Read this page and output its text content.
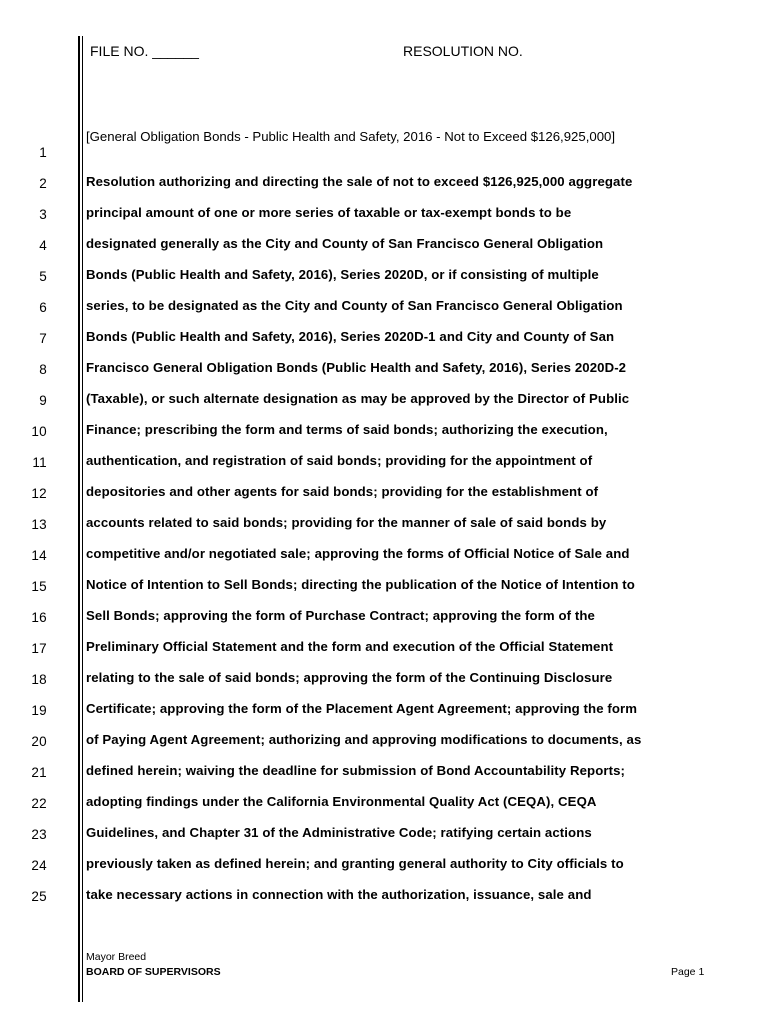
FILE NO. ______	RESOLUTION NO.
[General Obligation Bonds - Public Health and Safety, 2016 - Not to Exceed $126,925,000]
1
2
3
4
5
6
7
8
9
10
11
12
13
14
15
16
17
18
19
20
21
22
23
24
25
Resolution authorizing and directing the sale of not to exceed $126,925,000 aggregate
principal amount of one or more series of taxable or tax-exempt bonds to be
designated generally as the City and County of San Francisco General Obligation
Bonds (Public Health and Safety, 2016), Series 2020D, or if consisting of multiple
series, to be designated as the City and County of San Francisco General Obligation
Bonds (Public Health and Safety, 2016), Series 2020D-1 and City and County of San
Francisco General Obligation Bonds (Public Health and Safety, 2016), Series 2020D-2
(Taxable), or such alternate designation as may be approved by the Director of Public
Finance; prescribing the form and terms of said bonds; authorizing the execution,
authentication, and registration of said bonds; providing for the appointment of
depositories and other agents for said bonds; providing for the establishment of
accounts related to said bonds; providing for the manner of sale of said bonds by
competitive and/or negotiated sale; approving the forms of Official Notice of Sale and
Notice of Intention to Sell Bonds; directing the publication of the Notice of Intention to
Sell Bonds; approving the form of Purchase Contract; approving the form of the
Preliminary Official Statement and the form and execution of the Official Statement
relating to the sale of said bonds; approving the form of the Continuing Disclosure
Certificate; approving the form of the Placement Agent Agreement; approving the form
of Paying Agent Agreement; authorizing and approving modifications to documents, as
defined herein; waiving the deadline for submission of Bond Accountability Reports;
adopting findings under the California Environmental Quality Act (CEQA), CEQA
Guidelines, and Chapter 31 of the Administrative Code; ratifying certain actions
previously taken as defined herein; and granting general authority to City officials to
take necessary actions in connection with the authorization, issuance, sale and
Mayor Breed
BOARD OF SUPERVISORS	Page 1
